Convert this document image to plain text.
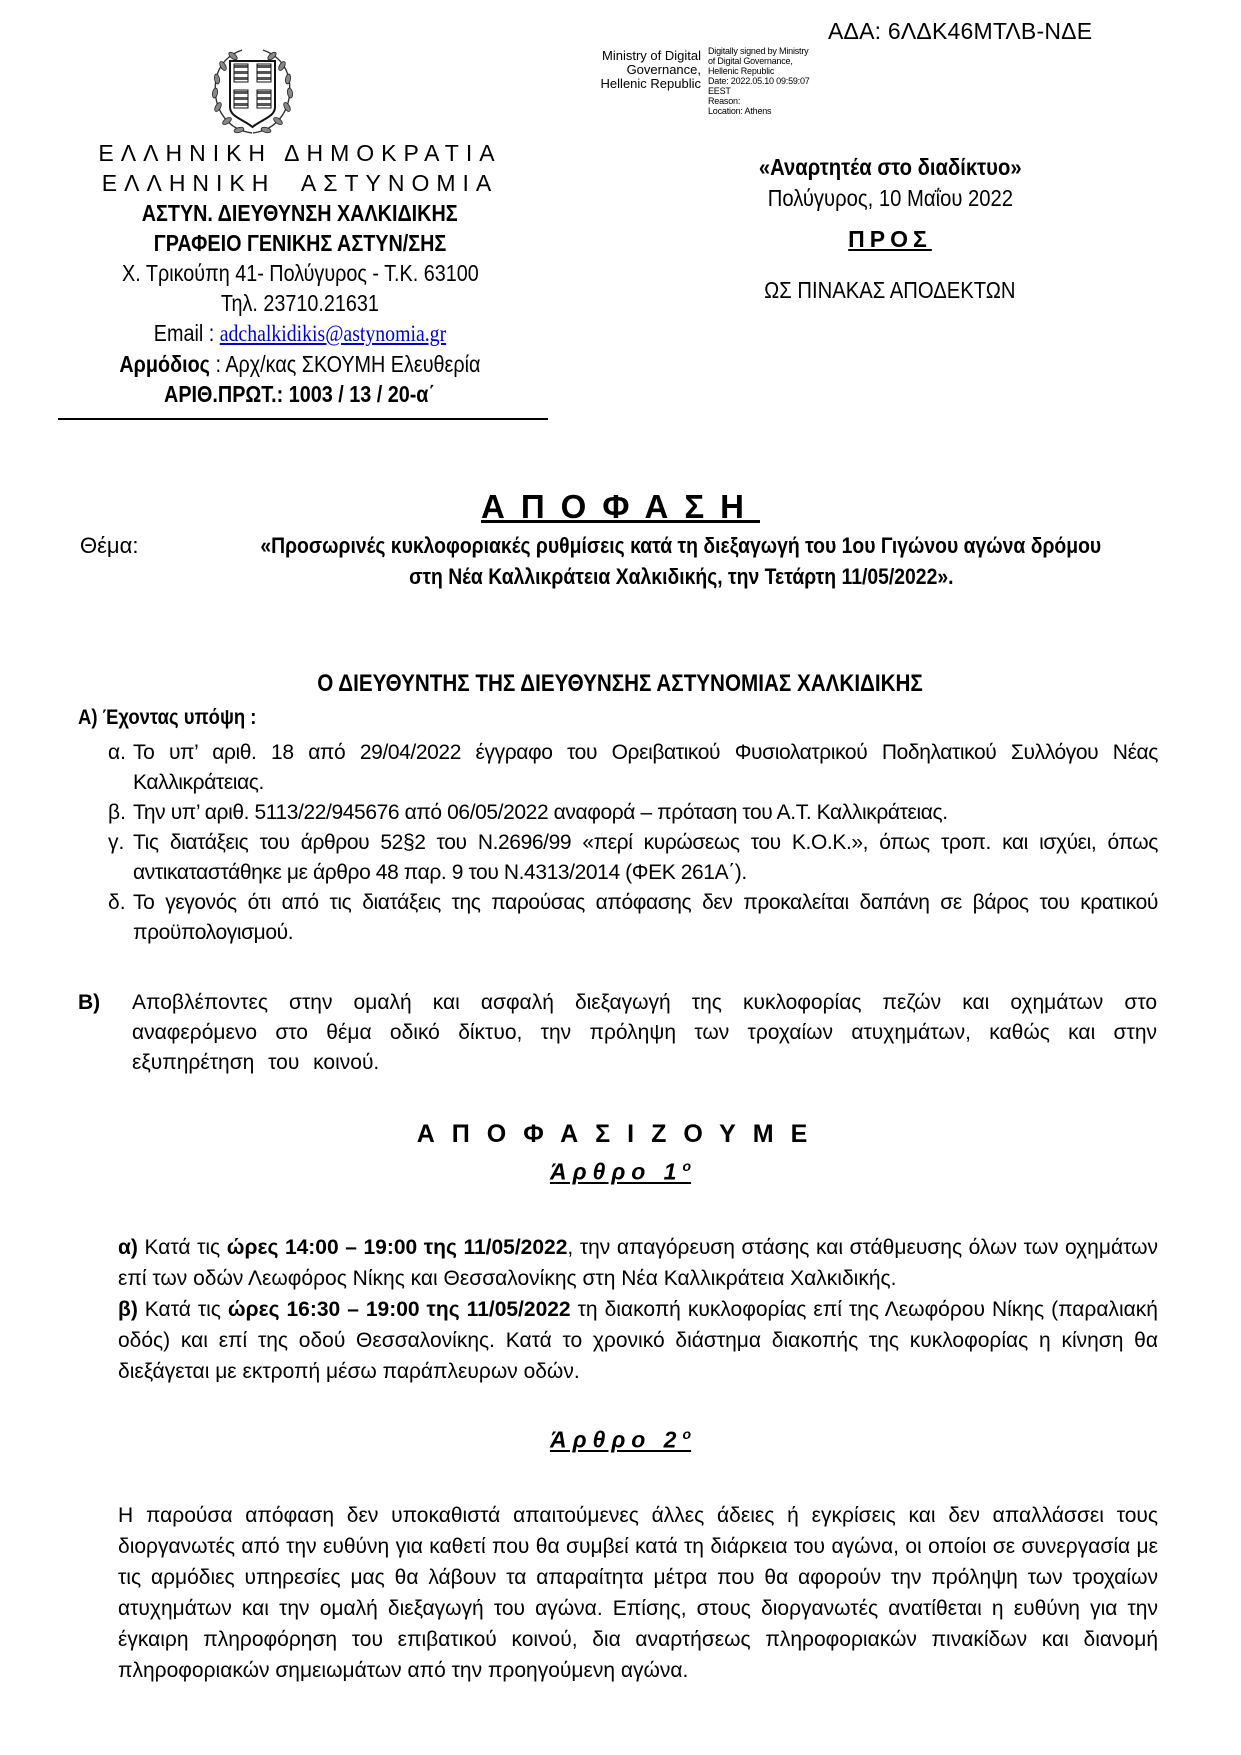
ΑΔΑ: 6ΛΔΚ46ΜΤΛΒ-ΝΔΕ
Ministry of Digital
Governance,
Hellenic Republic
Digitally signed by Ministry
of Digital Governance,
Hellenic Republic
Date: 2022.05.10 09:59:07
EEST
Reason:
Location: Athens
ΕΛΛΗΝΙΚΗ ΔΗΜΟΚΡΑΤΙΑ
ΕΛΛΗΝΙΚΗ  ΑΣΤΥΝΟΜΙΑ
ΑΣΤΥΝ. ΔΙΕΥΘΥΝΣΗ ΧΑΛΚΙΔΙΚΗΣ
ΓΡΑΦΕΙΟ ΓΕΝΙΚΗΣ ΑΣΤΥΝ/ΣΗΣ
Χ. Τρικούπη 41- Πολύγυρος - Τ.Κ. 63100
Τηλ. 23710.21631
Email : adchalkidikis@astynomia.gr
Αρμόδιος : Αρχ/κας ΣΚΟΥΜΗ Ελευθερία
ΑΡΙΘ.ΠΡΩΤ.: 1003 / 13 / 20-α΄
«Αναρτητέα στο διαδίκτυο»
Πολύγυρος, 10 Μαΐου 2022
ΠΡΟΣ
ΩΣ ΠΙΝΑΚΑΣ ΑΠΟΔΕΚΤΩΝ
ΑΠΟΦΑΣΗ
Θέμα:	«Προσωρινές κυκλοφοριακές ρυθμίσεις κατά τη διεξαγωγή του 1ου Γιγώνου αγώνα δρόμου
στη Νέα Καλλικράτεια Χαλκιδικής, την Τετάρτη 11/05/2022».
Ο ΔΙΕΥΘΥΝΤΗΣ ΤΗΣ ΔΙΕΥΘΥΝΣΗΣ ΑΣΤΥΝΟΜΙΑΣ ΧΑΛΚΙΔΙΚΗΣ
Α) Έχοντας υπόψη :
α. Το υπ’ αριθ. 18 από 29/04/2022 έγγραφο του Ορειβατικού Φυσιολατρικού Ποδηλατικού Συλλόγου Νέας Καλλικράτειας.
β. Την υπ’ αριθ. 5113/22/945676 από 06/05/2022 αναφορά – πρόταση του Α.Τ. Καλλικράτειας.
γ. Τις διατάξεις του άρθρου 52§2 του Ν.2696/99 «περί κυρώσεως του Κ.Ο.Κ.», όπως τροπ. και ισχύει, όπως αντικαταστάθηκε με άρθρο 48 παρ. 9 του Ν.4313/2014 (ΦΕΚ 261Α΄).
δ. Το γεγονός ότι από τις διατάξεις της παρούσας απόφασης δεν προκαλείται δαπάνη σε βάρος του κρατικού προϋπολογισμού.
Β) Αποβλέποντες στην ομαλή και ασφαλή διεξαγωγή της κυκλοφορίας πεζών και οχημάτων στο αναφερόμενο στο θέμα οδικό δίκτυο, την πρόληψη των τροχαίων ατυχημάτων, καθώς και στην εξυπηρέτηση του κοινού.
ΑΠΟΦΑΣΙΖΟΥΜΕ
Άρθρο $1^o$
α) Κατά τις ώρες 14:00 – 19:00 της 11/05/2022, την απαγόρευση στάσης και στάθμευσης όλων των οχημάτων επί των οδών Λεωφόρος Νίκης και Θεσσαλονίκης στη Νέα Καλλικράτεια Χαλκιδικής.
β) Κατά τις ώρες 16:30 – 19:00 της 11/05/2022 τη διακοπή κυκλοφορίας επί της Λεωφόρου Νίκης (παραλιακή οδός) και επί της οδού Θεσσαλονίκης. Κατά το χρονικό διάστημα διακοπής της κυκλοφορίας η κίνηση θα διεξάγεται με εκτροπή μέσω παράπλευρων οδών.
Άρθρο $2^o$
Η παρούσα απόφαση δεν υποκαθιστά απαιτούμενες άλλες άδειες ή εγκρίσεις και δεν απαλλάσσει τους διοργανωτές από την ευθύνη για καθετί που θα συμβεί κατά τη διάρκεια του αγώνα, οι οποίοι σε συνεργασία με τις αρμόδιες υπηρεσίες μας θα λάβουν τα απαραίτητα μέτρα που θα αφορούν την πρόληψη των τροχαίων ατυχημάτων και την ομαλή διεξαγωγή του αγώνα. Επίσης, στους διοργανωτές ανατίθεται η ευθύνη για την έγκαιρη πληροφόρηση του επιβατικού κοινού, δια αναρτήσεως πληροφοριακών πινακίδων και διανομή πληροφοριακών σημειωμάτων από την προηγούμενη αγώνα.
